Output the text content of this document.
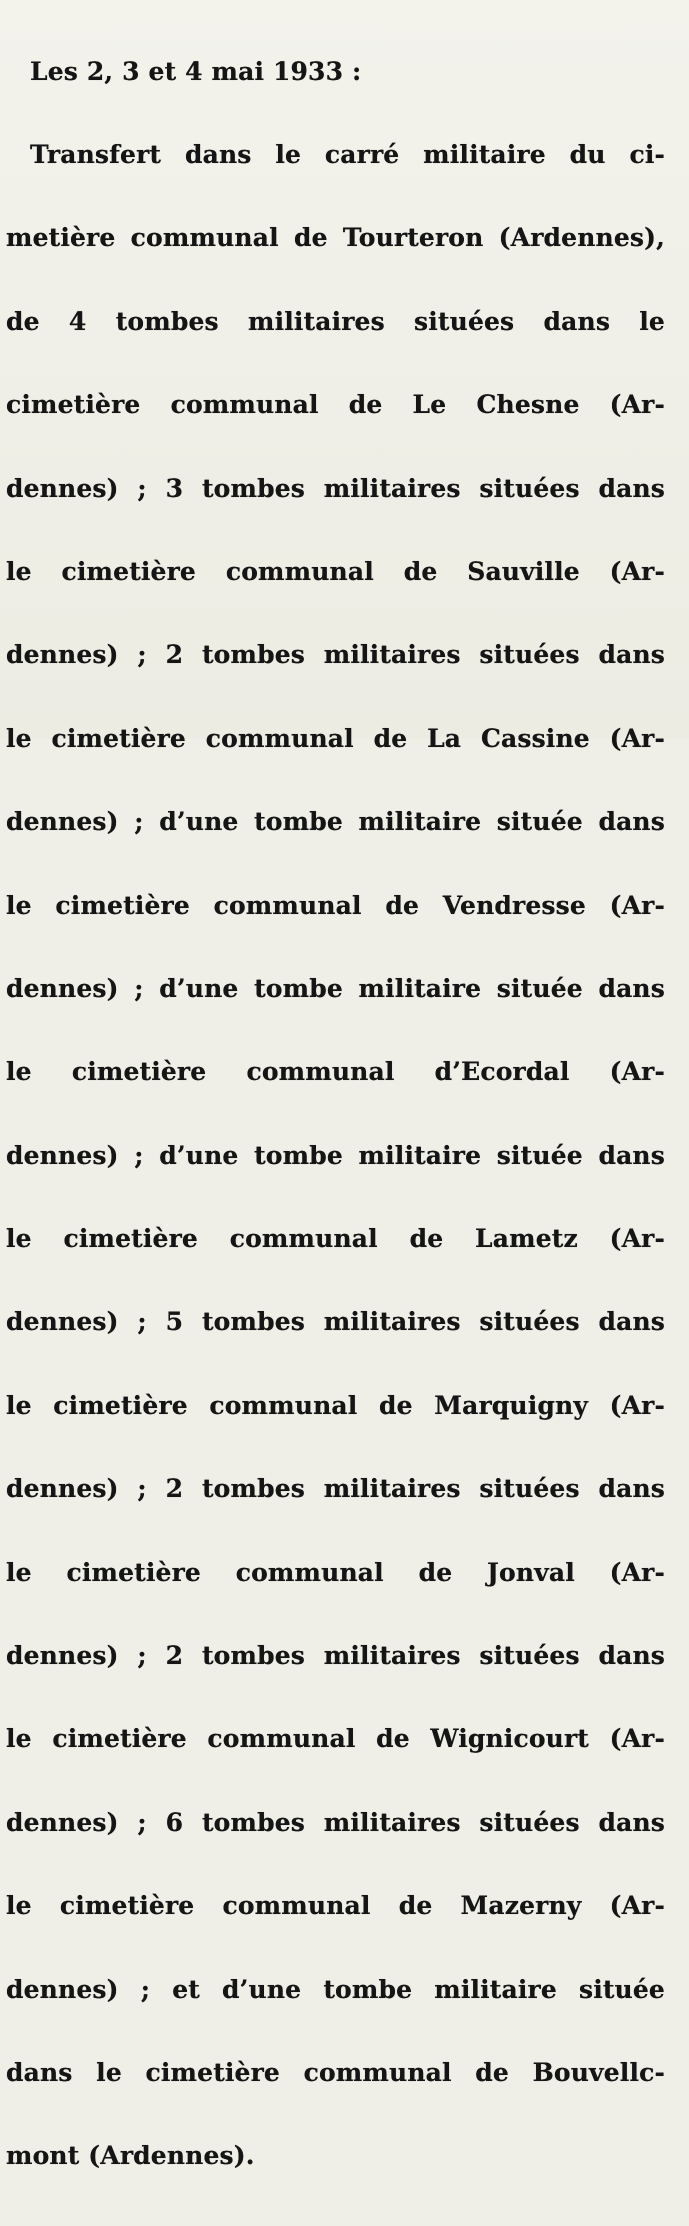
Les 2, 3 et 4 mai 1933 :

Transfert dans le carré militaire du ci-

metière communal de Tourteron (Ardennes),

de 4 tombes militaires situées dans le

cimetière communal de Le Chesne (Ar-

dennes) ; 3 tombes militaires situées dans

le cimetière communal de Sauville (Ar-

dennes) ; 2 tombes militaires situées dans

le cimetière communal de La Cassine (Ar-

dennes) ; d’une tombe militaire située dans

le cimetière communal de Vendresse (Ar-

dennes) ; d’une tombe militaire située dans

le cimetière communal d’Ecordal (Ar-

dennes) ; d’une tombe militaire située dans

le cimetière communal de Lametz (Ar-

dennes) ; 5 tombes militaires situées dans

le cimetière communal de Marquigny (Ar-

dennes) ; 2 tombes militaires situées dans

le cimetière communal de Jonval (Ar-

dennes) ; 2 tombes militaires situées dans

le cimetière communal de Wignicourt (Ar-

dennes) ; 6 tombes militaires situées dans

le cimetière communal de Mazerny (Ar-

dennes) ; et d’une tombe militaire située

dans le cimetière communal de Bouvellc-

mont (Ardennes).
